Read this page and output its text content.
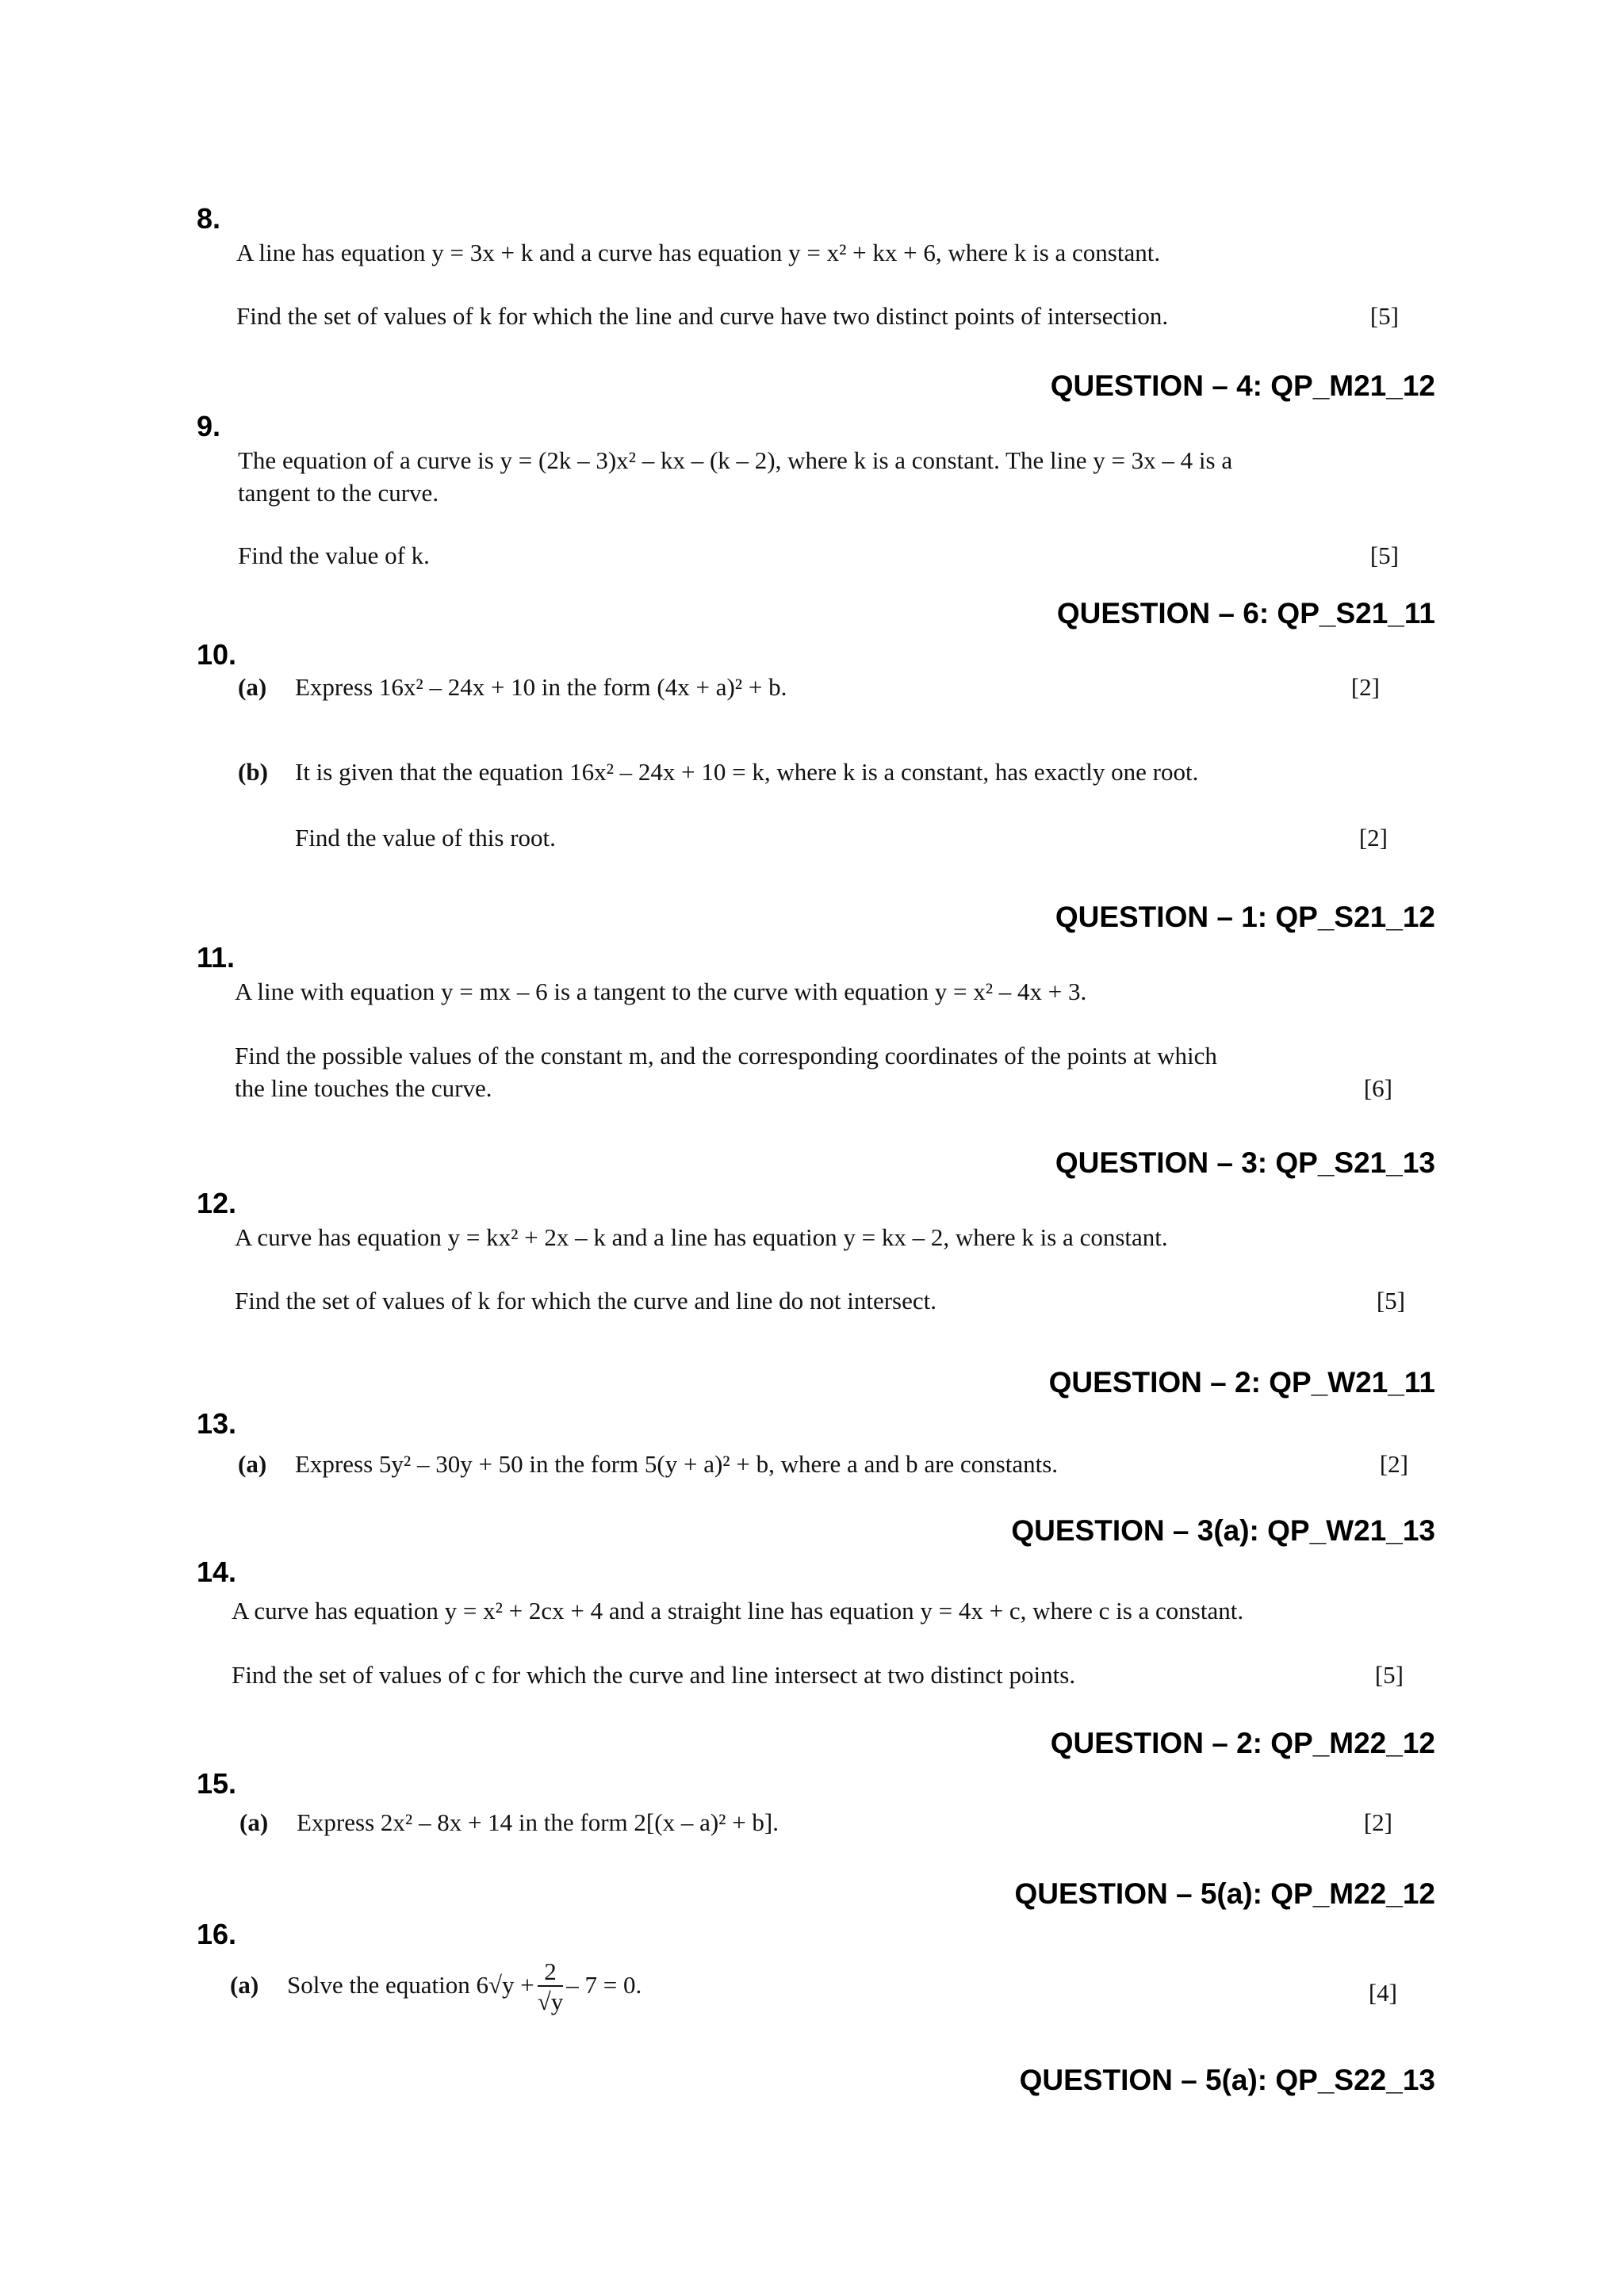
8.
A line has equation y = 3x + k and a curve has equation y = x² + kx + 6, where k is a constant.
Find the set of values of k for which the line and curve have two distinct points of intersection.	[5]
QUESTION – 4: QP_M21_12
9.
The equation of a curve is y = (2k – 3)x² – kx – (k – 2), where k is a constant. The line y = 3x – 4 is a
tangent to the curve.
Find the value of k.	[5]
QUESTION – 6: QP_S21_11
10.
(a) Express 16x² – 24x + 10 in the form (4x + a)² + b.	[2]
(b) It is given that the equation 16x² – 24x + 10 = k, where k is a constant, has exactly one root.
Find the value of this root.	[2]
QUESTION – 1: QP_S21_12
11.
A line with equation y = mx – 6 is a tangent to the curve with equation y = x² – 4x + 3.
Find the possible values of the constant m, and the corresponding coordinates of the points at which
the line touches the curve.	[6]
QUESTION – 3: QP_S21_13
12.
A curve has equation y = kx² + 2x – k and a line has equation y = kx – 2, where k is a constant.
Find the set of values of k for which the curve and line do not intersect.	[5]
QUESTION – 2: QP_W21_11
13.
(a) Express 5y² – 30y + 50 in the form 5(y + a)² + b, where a and b are constants.	[2]
QUESTION – 3(a): QP_W21_13
14.
A curve has equation y = x² + 2cx + 4 and a straight line has equation y = 4x + c, where c is a constant.
Find the set of values of c for which the curve and line intersect at two distinct points.	[5]
QUESTION – 2: QP_M22_12
15.
(a) Express 2x² – 8x + 14 in the form 2[(x – a)² + b].	[2]
QUESTION – 5(a): QP_M22_12
16.
(a) Solve the equation $6√y + \frac{2}{√y} - 7 = 0$.	[4]
QUESTION – 5(a): QP_S22_13
